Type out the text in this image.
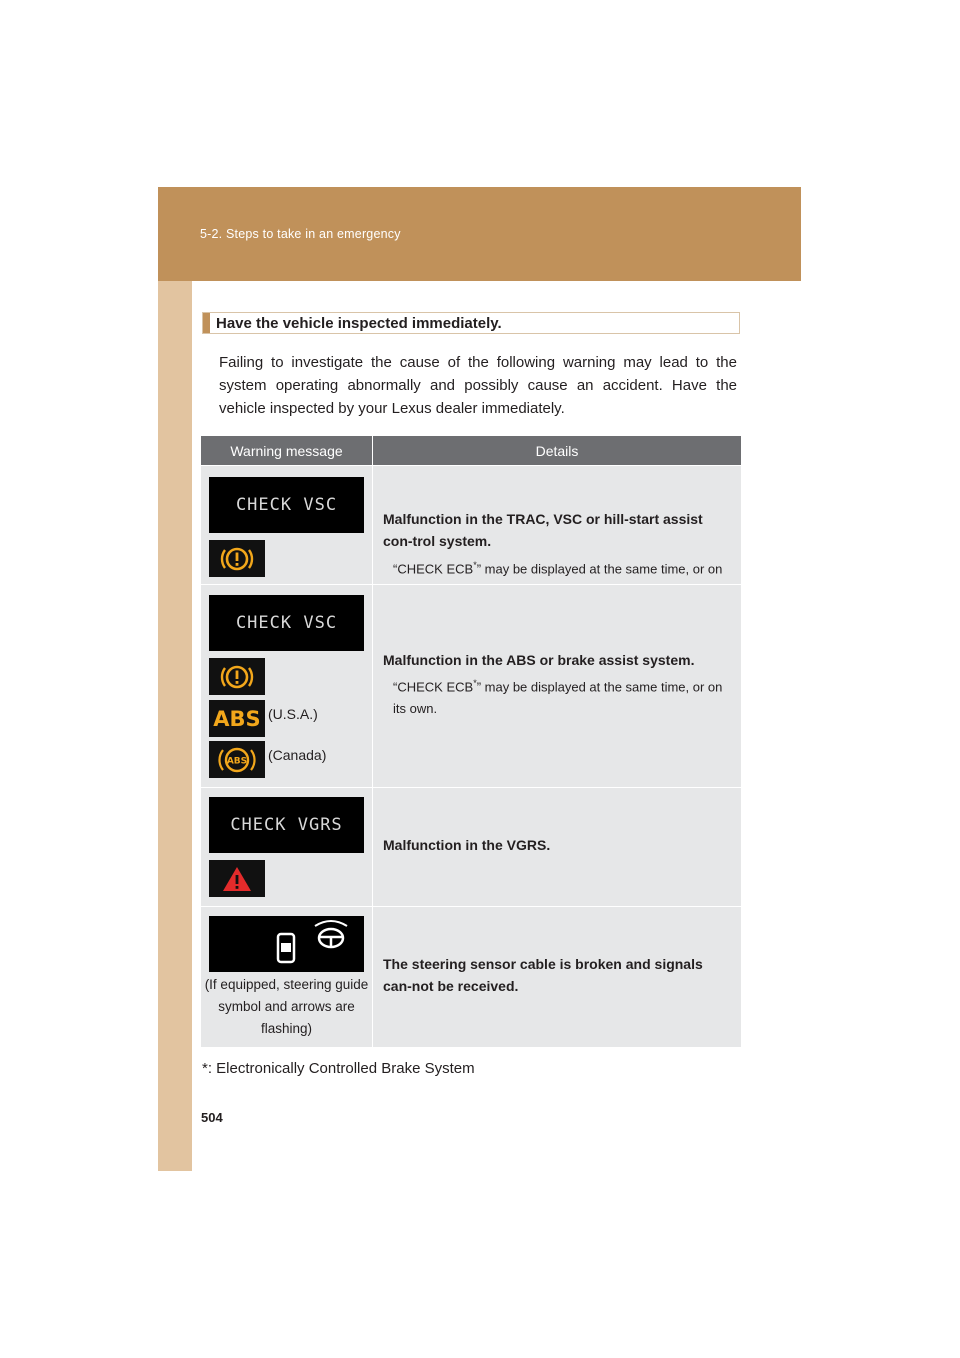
5-2. Steps to take in an emergency
Have the vehicle inspected immediately.
Failing to investigate the cause of the following warning may lead to the system operating abnormally and possibly cause an accident. Have the vehicle inspected by your Lexus dealer immediately.
Warning message	Details
CHECK VSC
Malfunction in the TRAC, VSC or hill-start assist con-trol system.
“CHECK ECB*” may be displayed at the same time, or on
CHECK VSC
ABS (U.S.A.)
ABS (Canada)
Malfunction in the ABS or brake assist system.
“CHECK ECB*” may be displayed at the same time, or on its own.
CHECK VGRS
Malfunction in the VGRS.
(If equipped, steering guide symbol and arrows are flashing)
The steering sensor cable is broken and signals can-not be received.
*: Electronically Controlled Brake System
504
